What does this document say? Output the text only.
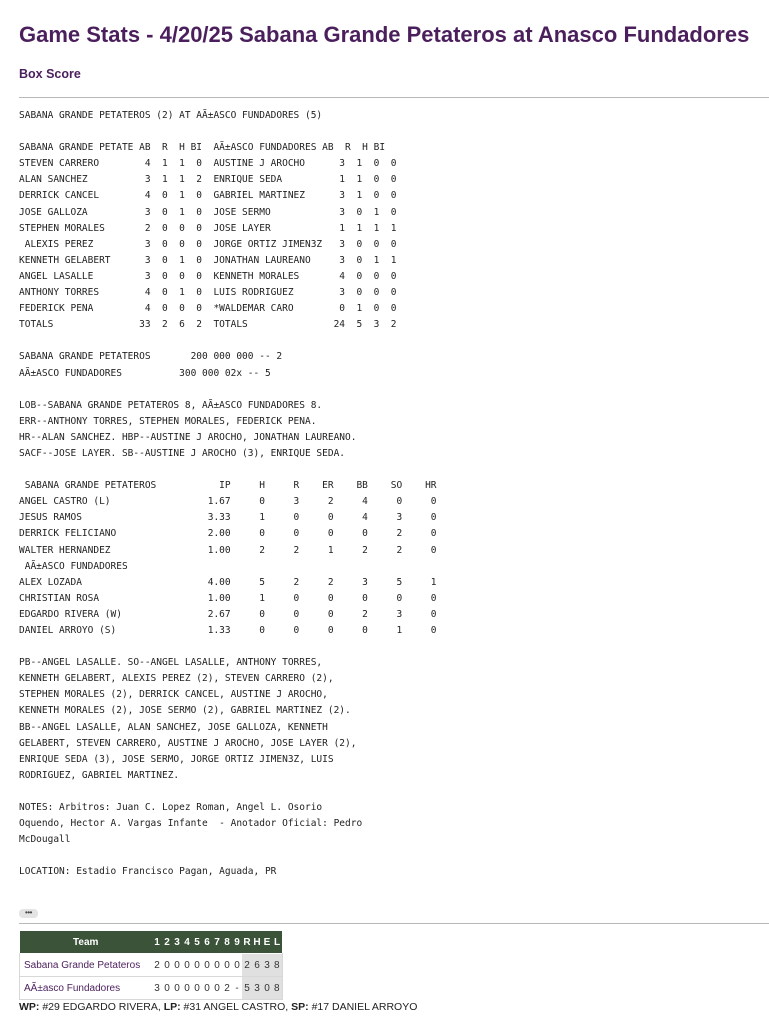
Game Stats - 4/20/25 Sabana Grande Petateros at Anasco Fundadores
Box Score
SABANA GRANDE PETATEROS (2) AT AÃ±ASCO FUNDADORES (5)

SABANA GRANDE PETATE AB  R  H BI  AÃ±ASCO FUNDADORES AB  R  H BI
STEVEN CARRERO        4  1  1  0  AUSTINE J AROCHO      3  1  0  0
ALAN SANCHEZ          3  1  1  2  ENRIQUE SEDA          1  1  0  0
DERRICK CANCEL        4  0  1  0  GABRIEL MARTINEZ      3  1  0  0
JOSE GALLOZA          3  0  1  0  JOSE SERMO            3  0  1  0
STEPHEN MORALES       2  0  0  0  JOSE LAYER            1  1  1  1
ALEXIS PEREZ         3  0  0  0  JORGE ORTIZ JIMEN3Z   3  0  0  0
KENNETH GELABERT      3  0  1  0  JONATHAN LAUREANO     3  0  1  1
ANGEL LASALLE         3  0  0  0  KENNETH MORALES       4  0  0  0
ANTHONY TORRES        4  0  1  0  LUIS RODRIGUEZ        3  0  0  0
FEDERICK PENA         4  0  0  0  *WALDEMAR CARO        0  1  0  0
TOTALS               33  2  6  2  TOTALS               24  5  3  2

SABANA GRANDE PETATEROS       200 000 000 -- 2
AÃ±ASCO FUNDADORES          300 000 02x -- 5

LOB--SABANA GRANDE PETATEROS 8, AÃ±ASCO FUNDADORES 8.
ERR--ANTHONY TORRES, STEPHEN MORALES, FEDERICK PENA.
HR--ALAN SANCHEZ. HBP--AUSTINE J AROCHO, JONATHAN LAUREANO.
SACF--JOSE LAYER. SB--AUSTINE J AROCHO (3), ENRIQUE SEDA.

SABANA GRANDE PETATEROS           IP     H     R    ER    BB    SO    HR
ANGEL CASTRO (L)                 1.67     0     3     2     4     0     0
JESUS RAMOS                      3.33     1     0     0     4     3     0
DERRICK FELICIANO                2.00     0     0     0     0     2     0
WALTER HERNANDEZ                 1.00     2     2     1     2     2     0
AÃ±ASCO FUNDADORES
ALEX LOZADA                      4.00     5     2     2     3     5     1
CHRISTIAN ROSA                   1.00     1     0     0     0     0     0
EDGARDO RIVERA (W)               2.67     0     0     0     2     3     0
DANIEL ARROYO (S)                1.33     0     0     0     0     1     0

PB--ANGEL LASALLE. SO--ANGEL LASALLE, ANTHONY TORRES,
KENNETH GELABERT, ALEXIS PEREZ (2), STEVEN CARRERO (2),
STEPHEN MORALES (2), DERRICK CANCEL, AUSTINE J AROCHO,
KENNETH MORALES (2), JOSE SERMO (2), GABRIEL MARTINEZ (2).
BB--ANGEL LASALLE, ALAN SANCHEZ, JOSE GALLOZA, KENNETH
GELABERT, STEVEN CARRERO, AUSTINE J AROCHO, JOSE LAYER (2),
ENRIQUE SEDA (3), JOSE SERMO, JORGE ORTIZ JIMEN3Z, LUIS
RODRIGUEZ, GABRIEL MARTINEZ.

NOTES: Arbitros: Juan C. Lopez Roman, Angel L. Osorio
Oquendo, Hector A. Vargas Infante  - Anotador Oficial: Pedro
McDougall

LOCATION: Estadio Francisco Pagan, Aguada, PR

•••
Team	1	2	3	4	5	6	7	8	9	R	H	E	L
Sabana Grande Petateros	2	0	0	0	0	0	0	0	0	2	6	3	8
AÃ±asco Fundadores	3	0	0	0	0	0	0	2	-	5	3	0	8
WP: #29 EDGARDO RIVERA, LP: #31 ANGEL CASTRO, SP: #17 DANIEL ARROYO
